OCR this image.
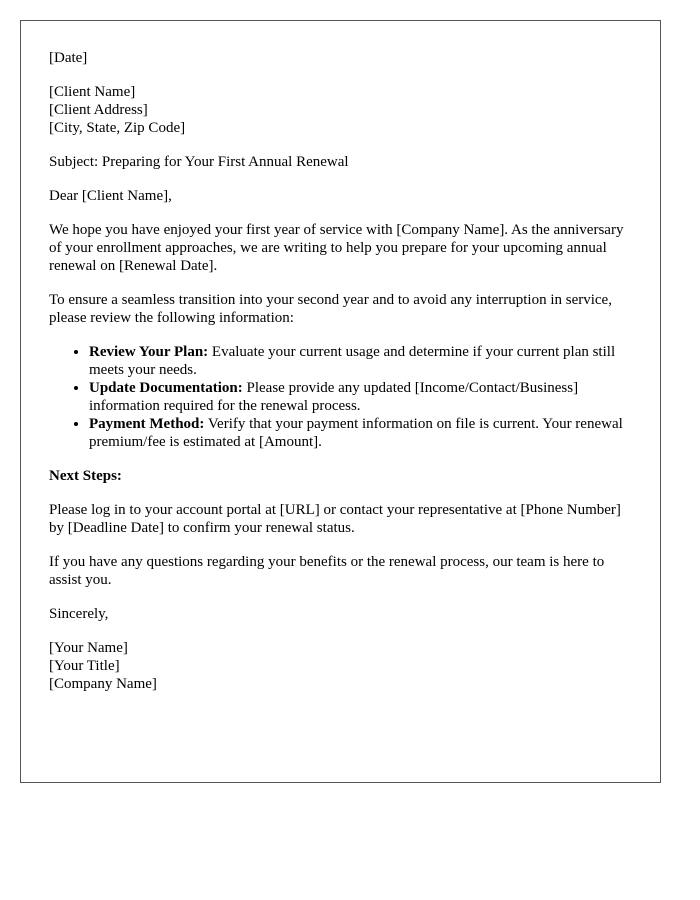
[Date]

[Client Name]
[Client Address]
[City, State, Zip Code]

Subject: Preparing for Your First Annual Renewal

Dear [Client Name],

We hope you have enjoyed your first year of service with [Company Name]. As the anniversary of your enrollment approaches, we are writing to help you prepare for your upcoming annual renewal on [Renewal Date].

To ensure a seamless transition into your second year and to avoid any interruption in service, please review the following information:

• Review Your Plan: Evaluate your current usage and determine if your current plan still meets your needs.
• Update Documentation: Please provide any updated [Income/Contact/Business] information required for the renewal process.
• Payment Method: Verify that your payment information on file is current. Your renewal premium/fee is estimated at [Amount].

Next Steps:

Please log in to your account portal at [URL] or contact your representative at [Phone Number] by [Deadline Date] to confirm your renewal status.

If you have any questions regarding your benefits or the renewal process, our team is here to assist you.

Sincerely,

[Your Name]
[Your Title]
[Company Name]
